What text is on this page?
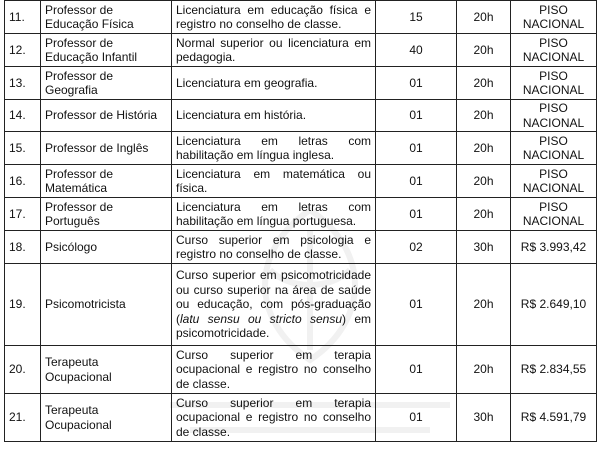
11.	Professor de Educação Física	Licenciatura em educação física e registro no conselho de classe.	15	20h	PISO NACIONAL
12.	Professor de Educação Infantil	Normal superior ou licenciatura em pedagogia.	40	20h	PISO NACIONAL
13.	Professor de Geografia	Licenciatura em geografia.	01	20h	PISO NACIONAL
14.	Professor de História	Licenciatura em história.	01	20h	PISO NACIONAL
15.	Professor de Inglês	Licenciatura em letras com habilitação em língua inglesa.	01	20h	PISO NACIONAL
16.	Professor de Matemática	Licenciatura em matemática ou física.	01	20h	PISO NACIONAL
17.	Professor de Português	Licenciatura em letras com habilitação em língua portuguesa.	01	20h	PISO NACIONAL
18.	Psicólogo	Curso superior em psicologia e registro no conselho de classe.	02	30h	R$ 3.993,42
19.	Psicomotricista	Curso superior em psicomotricidade ou curso superior na área de saúde ou educação, com pós-graduação (latu sensu ou stricto sensu) em psicomotricidade.	01	20h	R$ 2.649,10
20.	Terapeuta Ocupacional	Curso superior em terapia ocupacional e registro no conselho de classe.	01	20h	R$ 2.834,55
21.	Terapeuta Ocupacional	Curso superior em terapia ocupacional e registro no conselho de classe.	01	30h	R$ 4.591,79
